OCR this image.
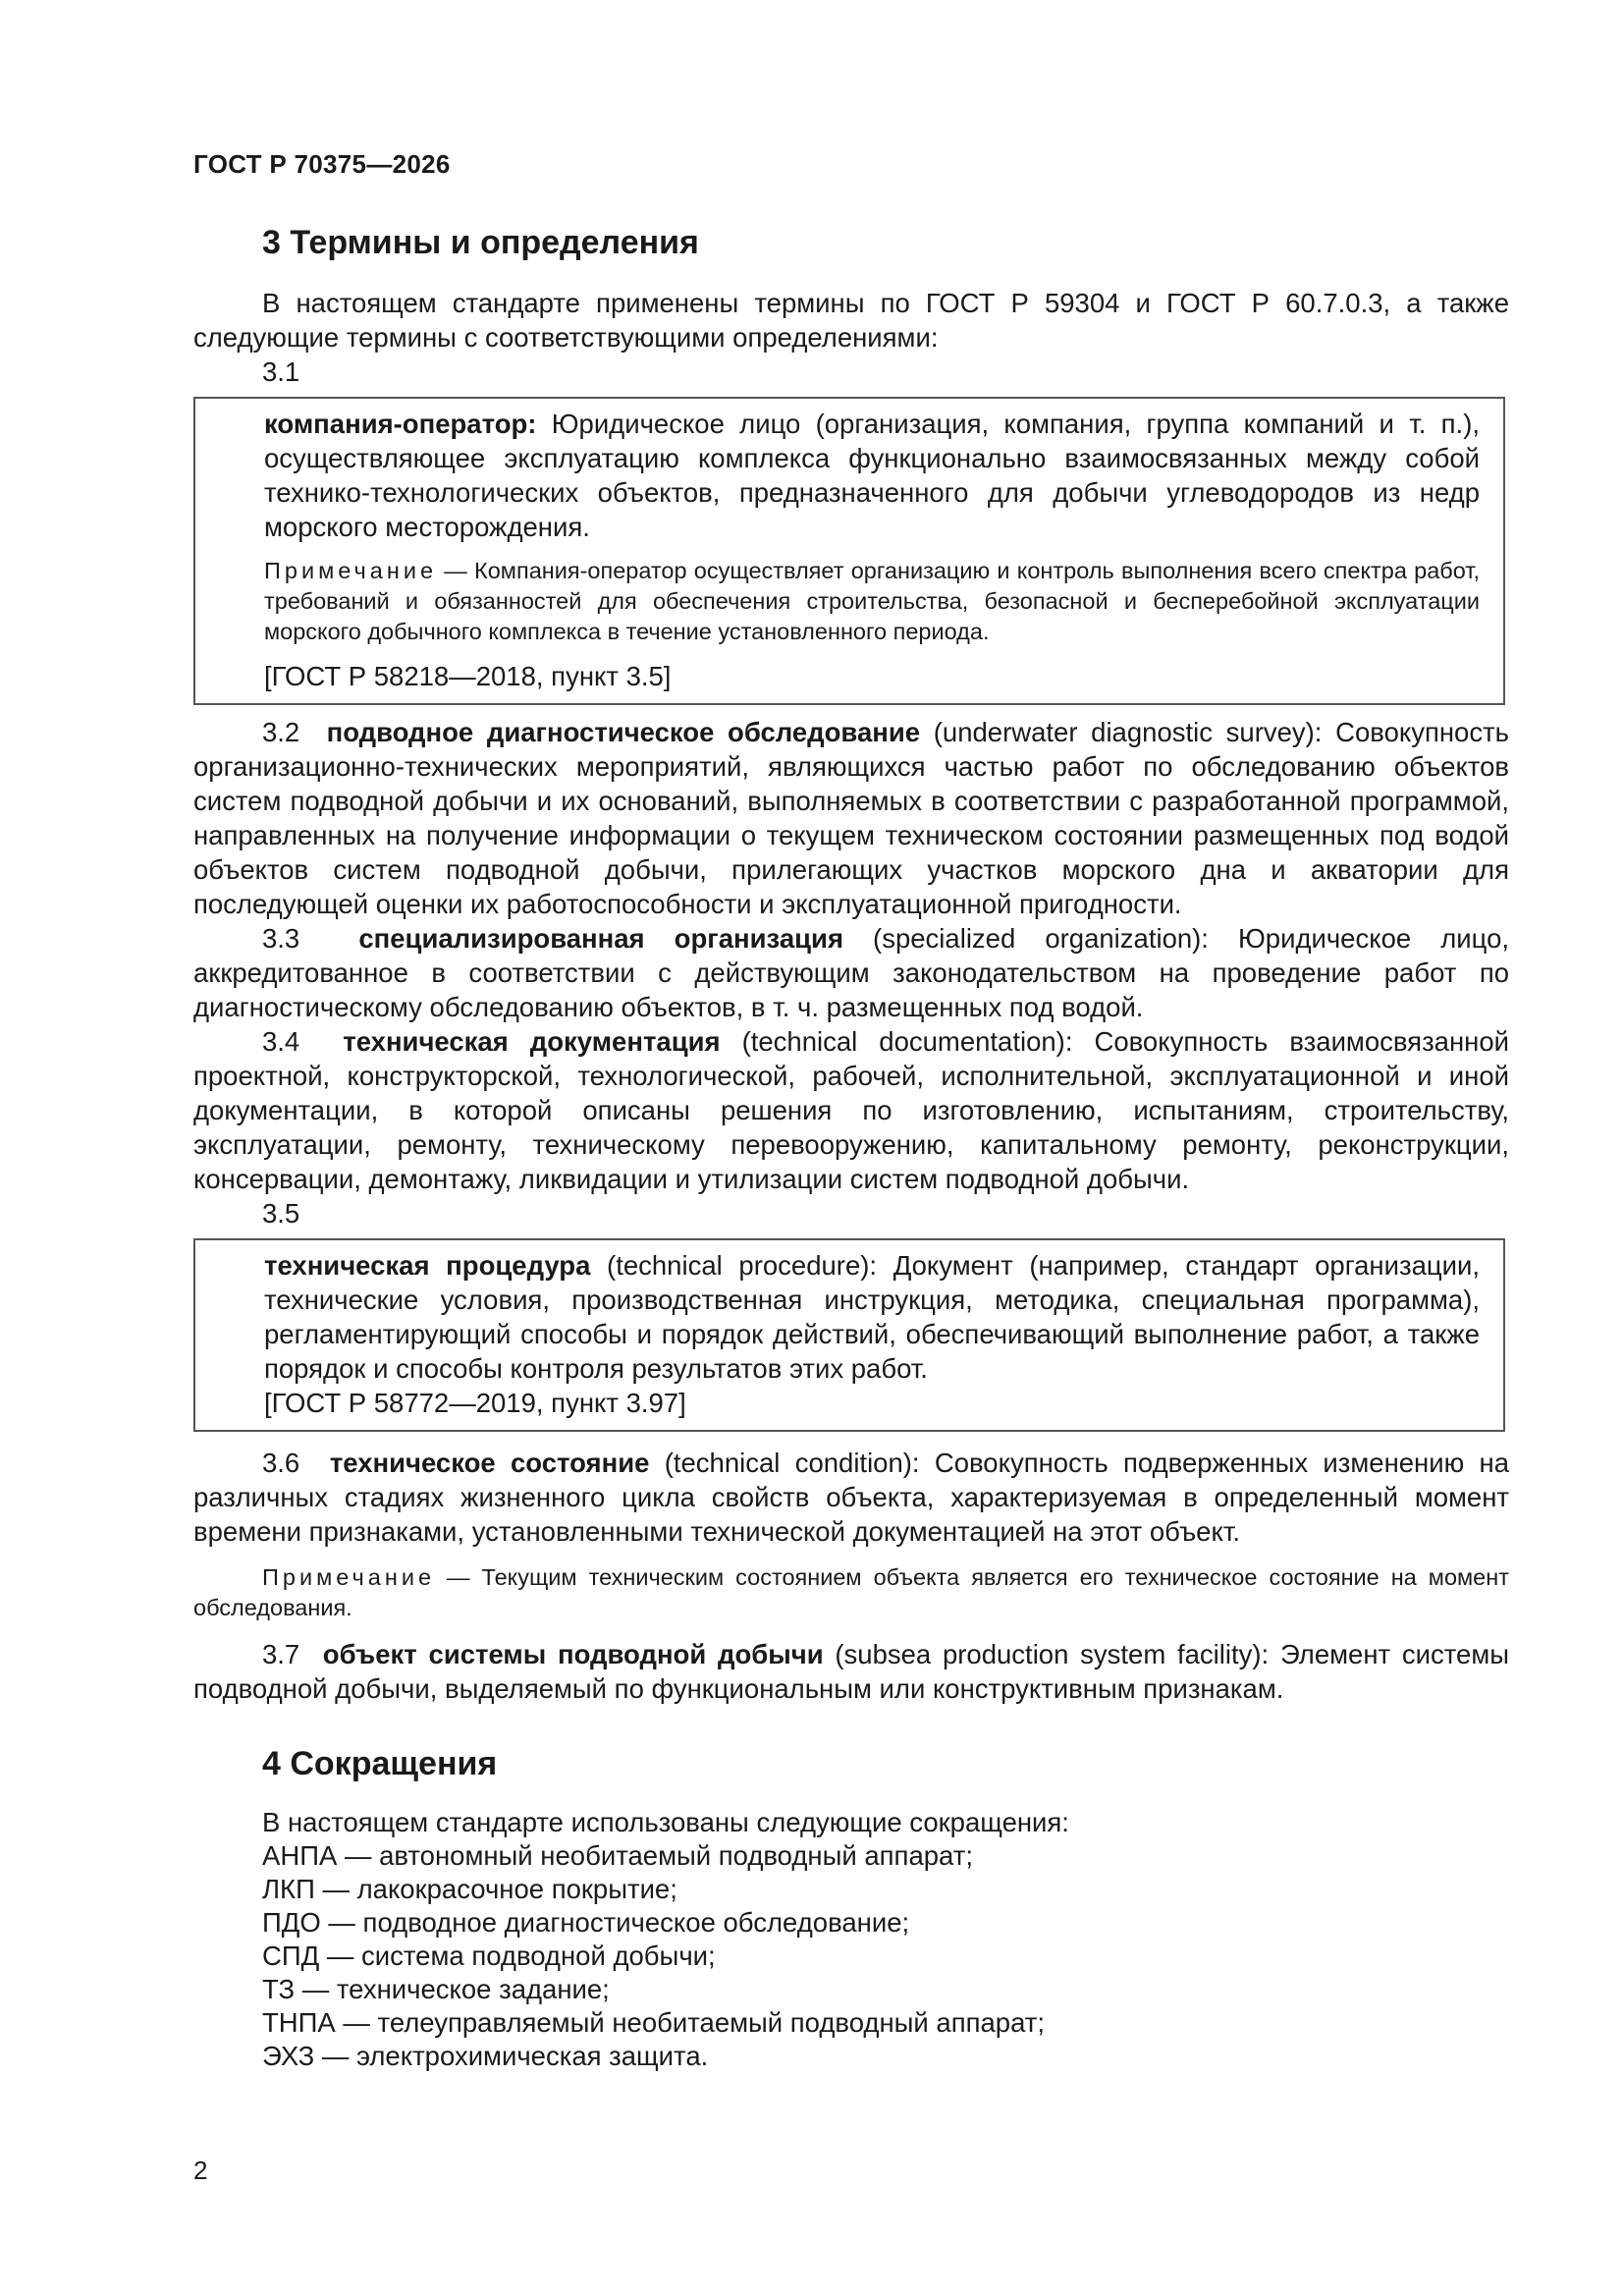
ГОСТ Р 70375—2026
3 Термины и определения

В настоящем стандарте применены термины по ГОСТ Р 59304 и ГОСТ Р 60.7.0.3, а также следующие термины с соответствующими определениями:

3.1

компания-оператор: Юридическое лицо (организация, компания, группа компаний и т. п.), осуществляющее эксплуатацию комплекса функционально взаимосвязанных между собой технико-технологических объектов, предназначенного для добычи углеводородов из недр морского месторождения.

Примечание — Компания-оператор осуществляет организацию и контроль выполнения всего спектра работ, требований и обязанностей для обеспечения строительства, безопасной и бесперебойной эксплуатации морского добычного комплекса в течение установленного периода.

[ГОСТ Р 58218—2018, пункт 3.5]

3.2 подводное диагностическое обследование (underwater diagnostic survey): Совокупность организационно-технических мероприятий, являющихся частью работ по обследованию объектов систем подводной добычи и их оснований, выполняемых в соответствии с разработанной программой, направленных на получение информации о текущем техническом состоянии размещенных под водой объектов систем подводной добычи, прилегающих участков морского дна и акватории для последующей оценки их работоспособности и эксплуатационной пригодности.

3.3 специализированная организация (specialized organization): Юридическое лицо, аккредитованное в соответствии с действующим законодательством на проведение работ по диагностическому обследованию объектов, в т. ч. размещенных под водой.

3.4 техническая документация (technical documentation): Совокупность взаимосвязанной проектной, конструкторской, технологической, рабочей, исполнительной, эксплуатационной и иной документации, в которой описаны решения по изготовлению, испытаниям, строительству, эксплуатации, ремонту, техническому перевооружению, капитальному ремонту, реконструкции, консервации, демонтажу, ликвидации и утилизации систем подводной добычи.

3.5

техническая процедура (technical procedure): Документ (например, стандарт организации, технические условия, производственная инструкция, методика, специальная программа), регламентирующий способы и порядок действий, обеспечивающий выполнение работ, а также порядок и способы контроля результатов этих работ.

[ГОСТ Р 58772—2019, пункт 3.97]

3.6 техническое состояние (technical condition): Совокупность подверженных изменению на различных стадиях жизненного цикла свойств объекта, характеризуемая в определенный момент времени признаками, установленными технической документацией на этот объект.

Примечание — Текущим техническим состоянием объекта является его техническое состояние на момент обследования.

3.7 объект системы подводной добычи (subsea production system facility): Элемент системы подводной добычи, выделяемый по функциональным или конструктивным признакам.

4 Сокращения

В настоящем стандарте использованы следующие сокращения:

АНПА — автономный необитаемый подводный аппарат;
ЛКП — лакокрасочное покрытие;
ПДО — подводное диагностическое обследование;
СПД — система подводной добычи;
ТЗ — техническое задание;
ТНПА — телеуправляемый необитаемый подводный аппарат;
ЭХЗ — электрохимическая защита.
2
